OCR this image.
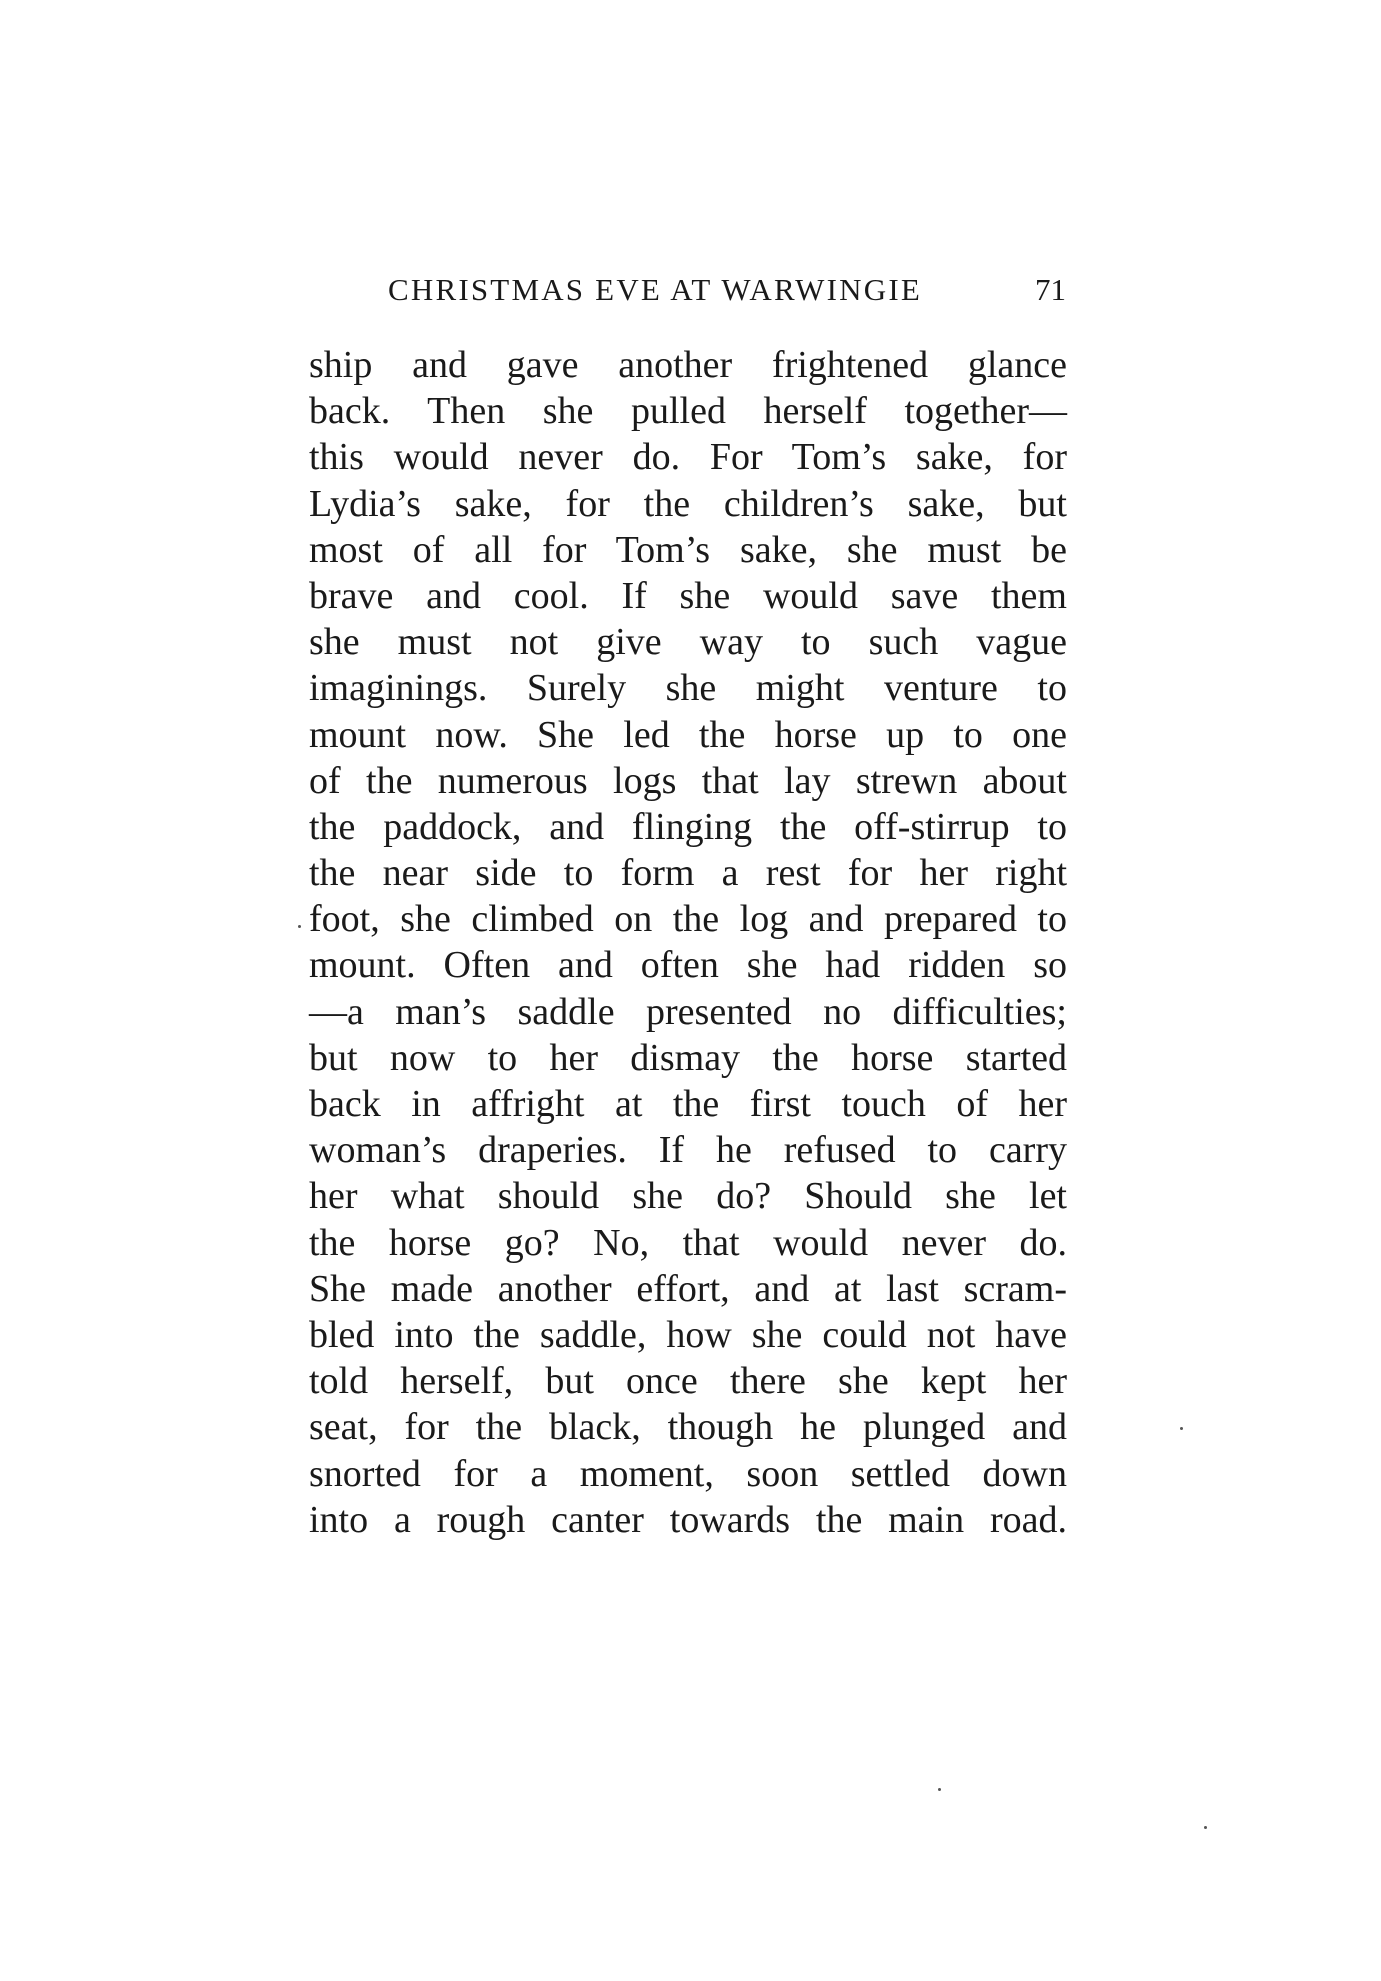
CHRISTMAS EVE AT WARWINGIE	71
ship and gave another frightened glance
back. Then she pulled herself together—
this would never do. For Tom’s sake, for
Lydia’s sake, for the children’s sake, but
most of all for Tom’s sake, she must be
brave and cool. If she would save them
she must not give way to such vague
imaginings. Surely she might venture to
mount now. She led the horse up to one
of the numerous logs that lay strewn about
the paddock, and flinging the off-stirrup to
the near side to form a rest for her right
foot, she climbed on the log and prepared to
mount. Often and often she had ridden so
—a man’s saddle presented no difficulties;
but now to her dismay the horse started
back in affright at the first touch of her
woman’s draperies. If he refused to carry
her what should she do? Should she let
the horse go? No, that would never do.
She made another effort, and at last scram-
bled into the saddle, how she could not have
told herself, but once there she kept her
seat, for the black, though he plunged and
snorted for a moment, soon settled down
into a rough canter towards the main road.
